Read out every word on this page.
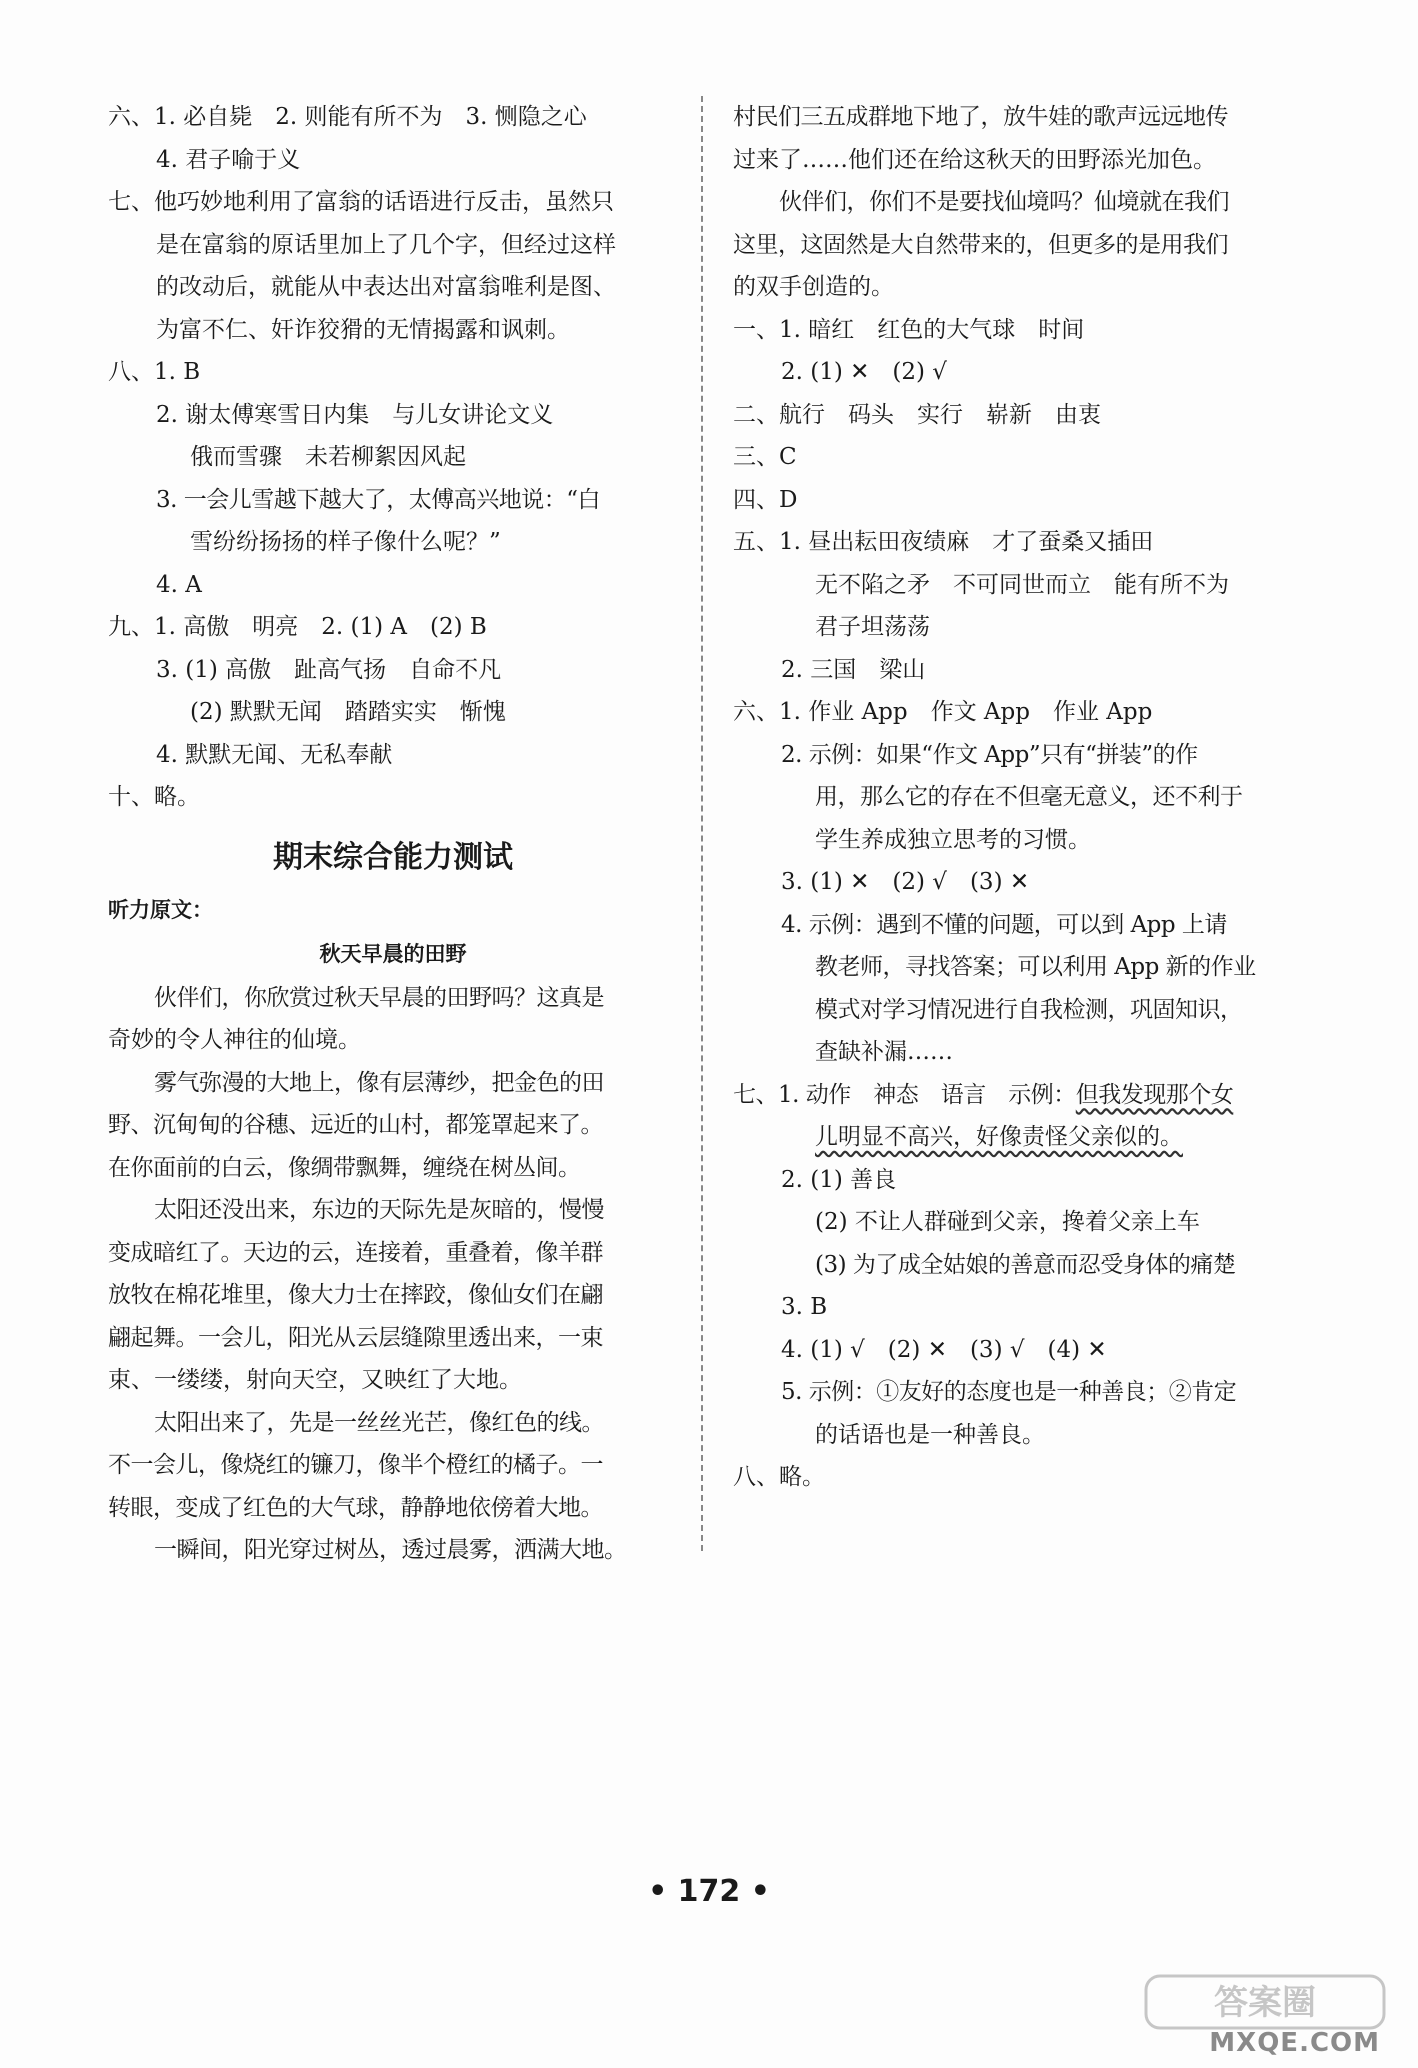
六、1. 必自毙　2. 则能有所不为　3. 恻隐之心
4. 君子喻于义
七、他巧妙地利用了富翁的话语进行反击，虽然只
是在富翁的原话里加上了几个字，但经过这样
的改动后，就能从中表达出对富翁唯利是图、
为富不仁、奸诈狡猾的无情揭露和讽刺。
八、1. B
2. 谢太傅寒雪日内集　与儿女讲论文义
俄而雪骤　未若柳絮因风起
3. 一会儿雪越下越大了，太傅高兴地说：“白
雪纷纷扬扬的样子像什么呢？”
4. A
九、1. 高傲　明亮　2. (1) A　(2) B
3. (1) 高傲　趾高气扬　自命不凡
(2) 默默无闻　踏踏实实　惭愧
4. 默默无闻、无私奉献
十、略。
期末综合能力测试
听力原文：
秋天早晨的田野
伙伴们，你欣赏过秋天早晨的田野吗？这真是
奇妙的令人神往的仙境。
雾气弥漫的大地上，像有层薄纱，把金色的田
野、沉甸甸的谷穗、远近的山村，都笼罩起来了。
在你面前的白云，像绸带飘舞，缠绕在树丛间。
太阳还没出来，东边的天际先是灰暗的，慢慢
变成暗红了。天边的云，连接着，重叠着，像羊群
放牧在棉花堆里，像大力士在摔跤，像仙女们在翩
翩起舞。一会儿，阳光从云层缝隙里透出来，一束
束、一缕缕，射向天空，又映红了大地。
太阳出来了，先是一丝丝光芒，像红色的线。
不一会儿，像烧红的镰刀，像半个橙红的橘子。一
转眼，变成了红色的大气球，静静地依傍着大地。
一瞬间，阳光穿过树丛，透过晨雾，洒满大地。
村民们三五成群地下地了，放牛娃的歌声远远地传
过来了……他们还在给这秋天的田野添光加色。
伙伴们，你们不是要找仙境吗？仙境就在我们
这里，这固然是大自然带来的，但更多的是用我们
的双手创造的。
一、1. 暗红　红色的大气球　时间
2. (1) ✕　(2) √
二、航行　码头　实行　崭新　由衷
三、C
四、D
五、1. 昼出耘田夜绩麻　才了蚕桑又插田
无不陷之矛　不可同世而立　能有所不为
君子坦荡荡
2. 三国　梁山
六、1. 作业 App　作文 App　作业 App
2. 示例：如果“作文 App”只有“拼装”的作
用，那么它的存在不但毫无意义，还不利于
学生养成独立思考的习惯。
3. (1) ✕　(2) √　(3) ✕
4. 示例：遇到不懂的问题，可以到 App 上请
教老师，寻找答案；可以利用 App 新的作业
模式对学习情况进行自我检测，巩固知识，
查缺补漏……
七、1. 动作　神态　语言　示例：但我发现那个女
儿明显不高兴，好像责怪父亲似的。
2. (1) 善良
(2) 不让人群碰到父亲，搀着父亲上车
(3) 为了成全姑娘的善意而忍受身体的痛楚
3. B
4. (1) √　(2) ✕　(3) √　(4) ✕
5. 示例：①友好的态度也是一种善良；②肯定
的话语也是一种善良。
八、略。
• 172 •
答案圈
MXQE.COM
